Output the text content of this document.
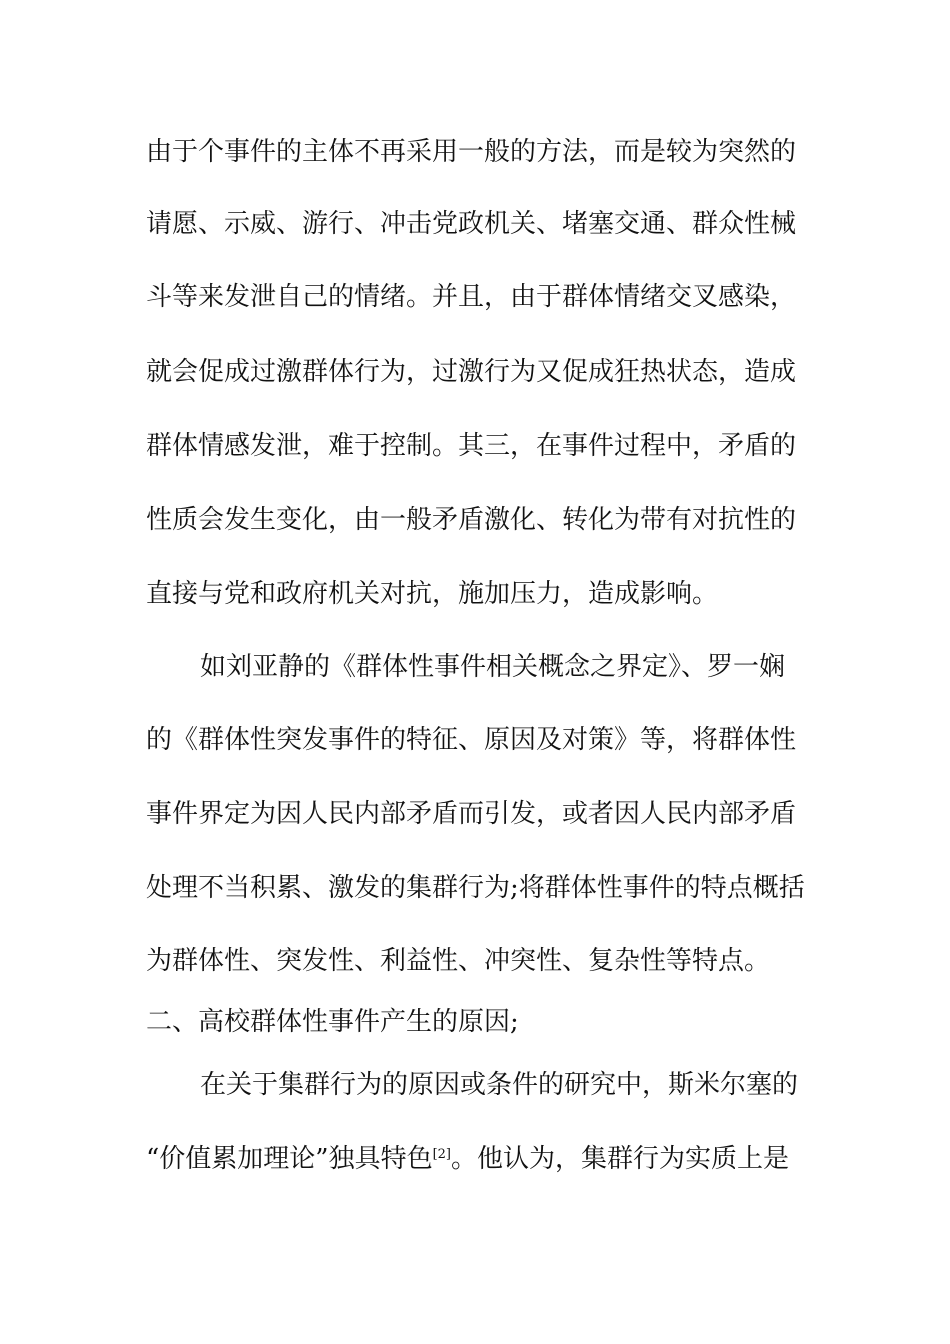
由于个事件的主体不再采用一般的方法，而是较为突然的
请愿、示威、游行、冲击党政机关、堵塞交通、群众性械
斗等来发泄自己的情绪。并且，由于群体情绪交叉感染，
就会促成过激群体行为，过激行为又促成狂热状态，造成
群体情感发泄，难于控制。其三，在事件过程中，矛盾的
性质会发生变化，由一般矛盾激化、转化为带有对抗性的
直接与党和政府机关对抗，施加压力，造成影响。
如刘亚静的《群体性事件相关概念之界定》、罗一娴
的《群体性突发事件的特征、原因及对策》等，将群体性
事件界定为因人民内部矛盾而引发，或者因人民内部矛盾
处理不当积累、激发的集群行为;将群体性事件的特点概括
为群体性、突发性、利益性、冲突性、复杂性等特点。
二、高校群体性事件产生的原因;
在关于集群行为的原因或条件的研究中，斯米尔塞的
“价值累加理论”独具特色[2]。他认为，集群行为实质上是
